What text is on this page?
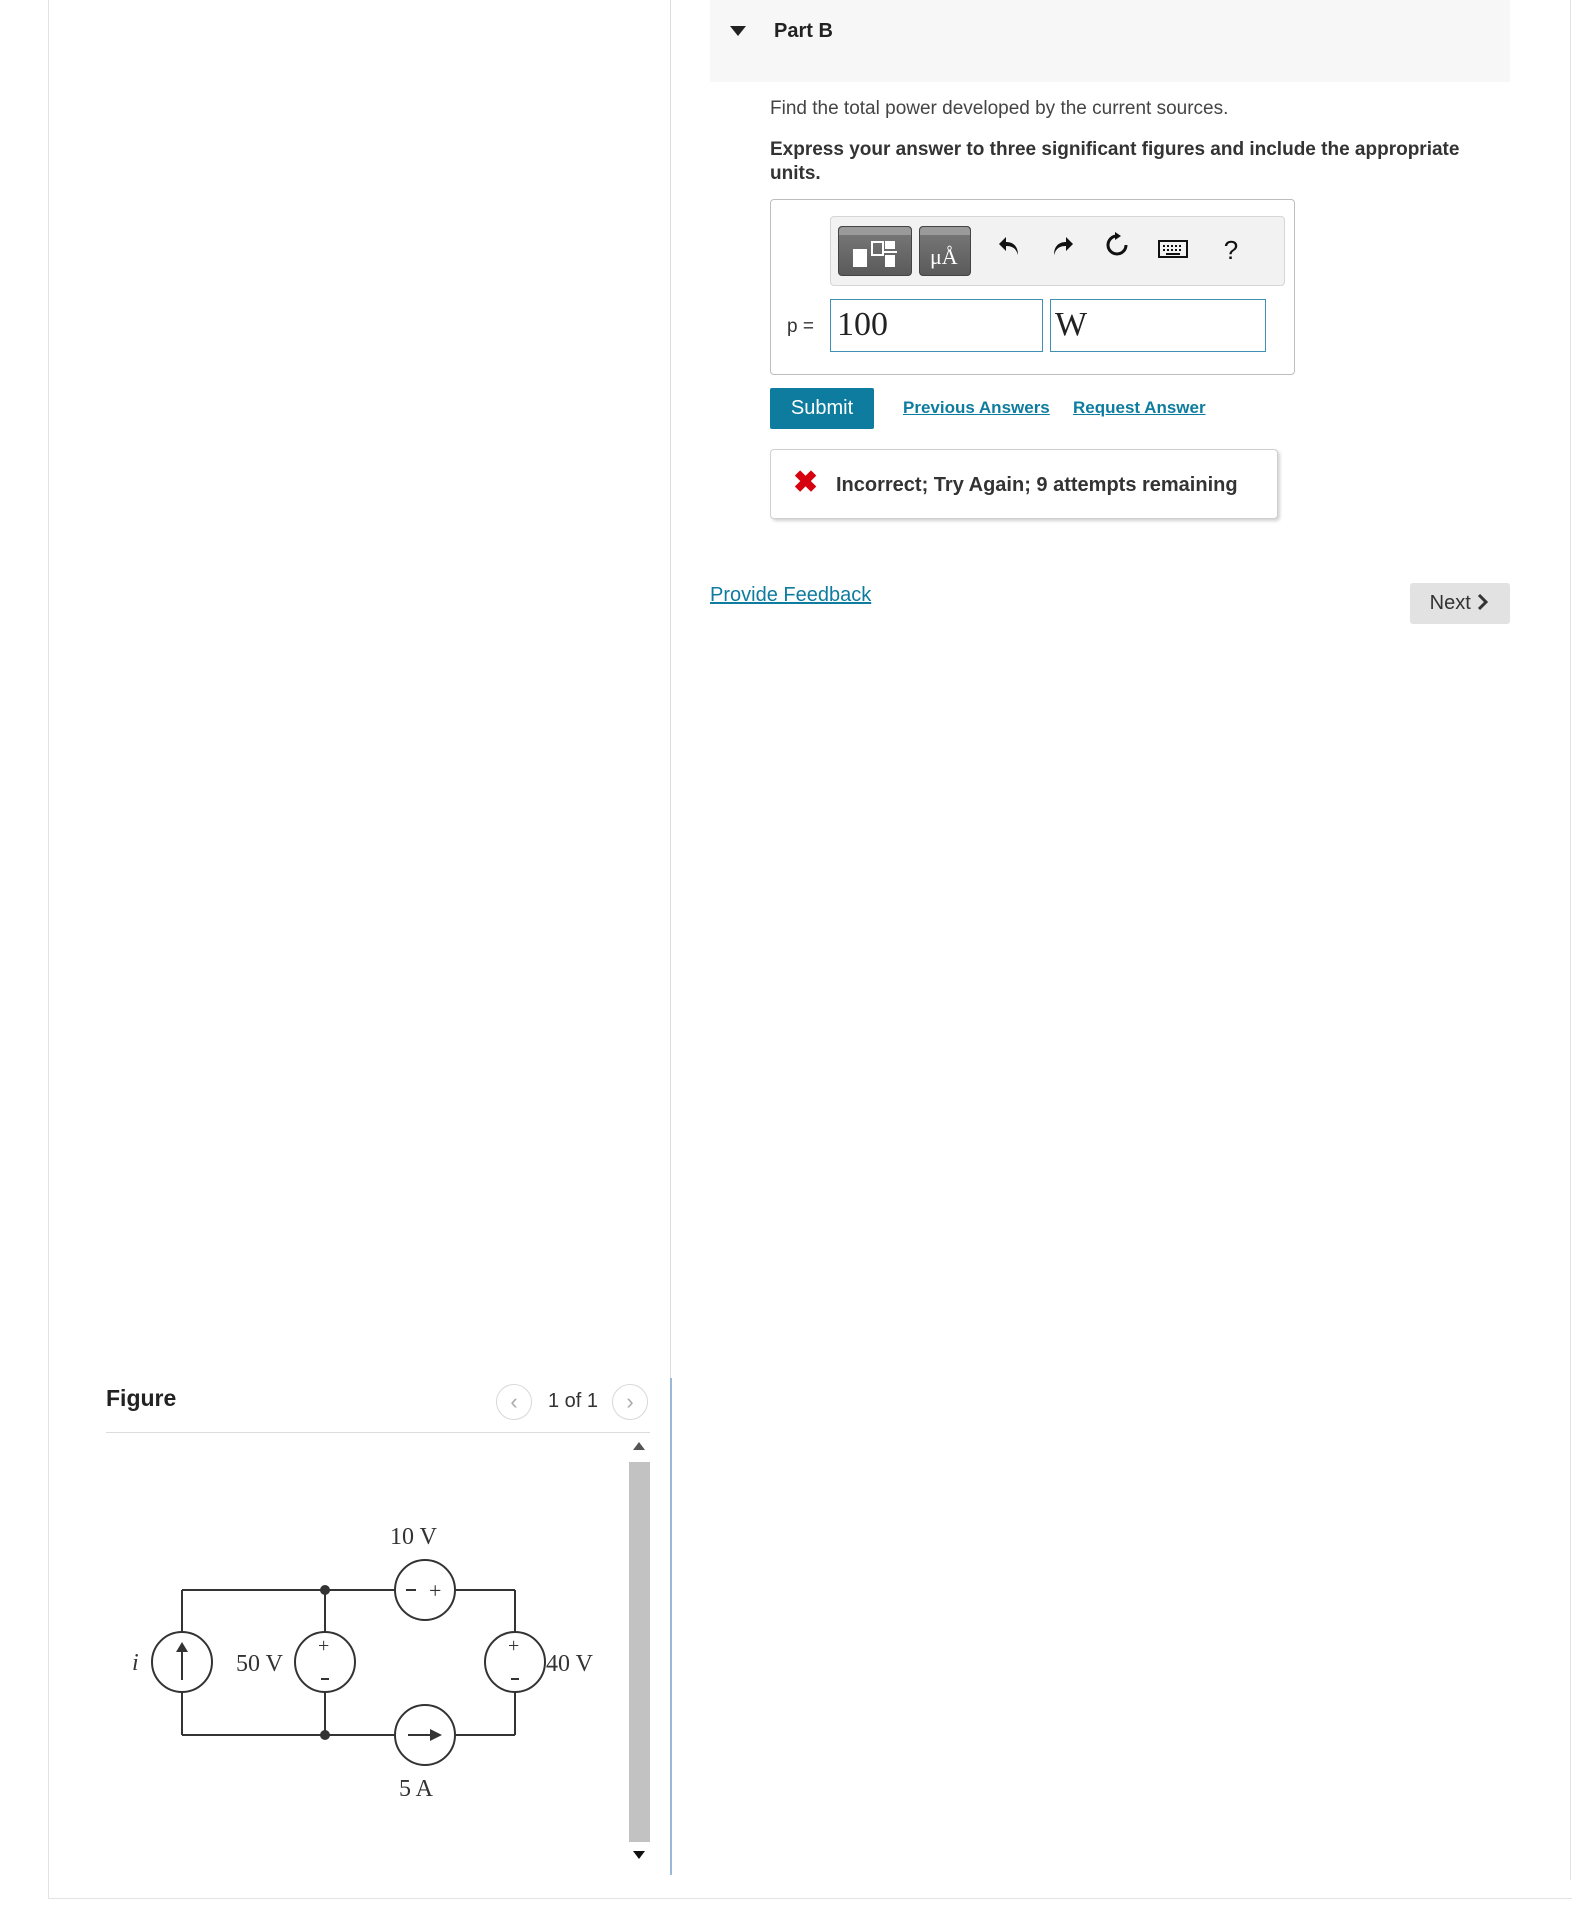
Part B
Find the total power developed by the current sources.
Express your answer to three significant figures and include the appropriate units.
μÅ	?
p = 100	W
Submit	Previous Answers Request Answer
✖ Incorrect; Try Again; 9 attempts remaining
Provide Feedback	Next
Figure	‹	1 of 1	›
i
+
50 V
+
10 V
5 A
+
40 V
